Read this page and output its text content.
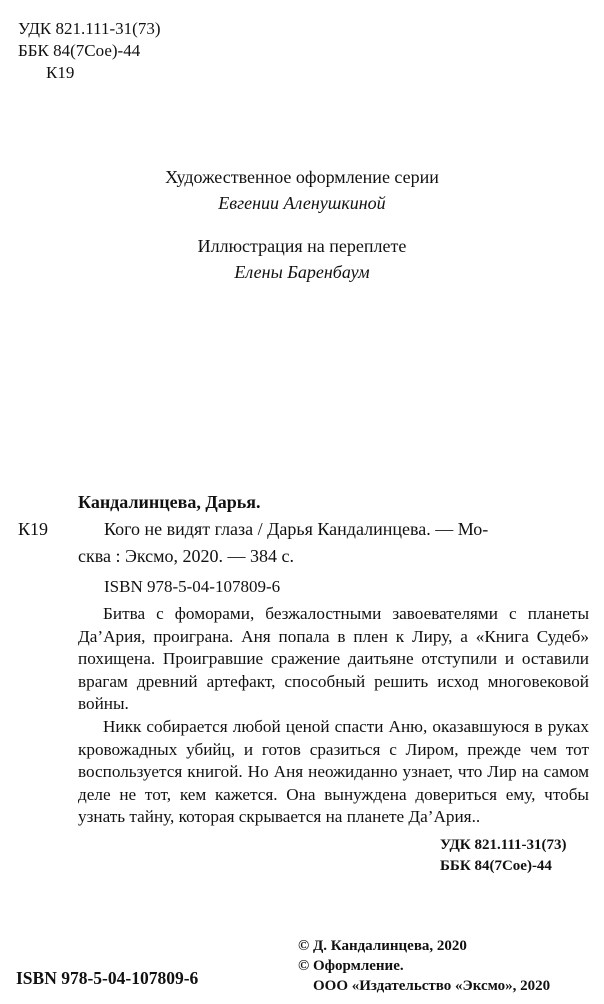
УДК 821.111-31(73)
ББК 84(7Сое)-44
К19
Художественное оформление серии
Евгении Аленушкиной
Иллюстрация на переплете
Елены Баренбаум
Кандалинцева, Дарья.
К19	Кого не видят глаза / Дарья Кандалинцева. — Мо-
сква : Эксмо, 2020. — 384 с.
ISBN 978-5-04-107809-6

Битва с фоморами, безжалостными завоевателями с планеты Да’Ария, проиграна. Аня попала в плен к Лиру, а «Книга Судеб» похищена. Проигравшие сражение даитьяне отступили и оставили врагам древний артефакт, способный решить исход многовековой войны.

Никк собирается любой ценой спасти Аню, оказавшуюся в руках кровожадных убийц, и готов сразиться с Лиром, прежде чем тот воспользуется книгой. Но Аня неожиданно узнает, что Лир на самом деле не тот, кем кажется. Она вынуждена довериться ему, чтобы узнать тайну, которая скрывается на планете Да’Ария..

УДК 821.111-31(73)
ББК 84(7Сое)-44
© Д. Кандалинцева, 2020
© Оформление.
ООО «Издательство «Эксмо», 2020
ISBN 978-5-04-107809-6
